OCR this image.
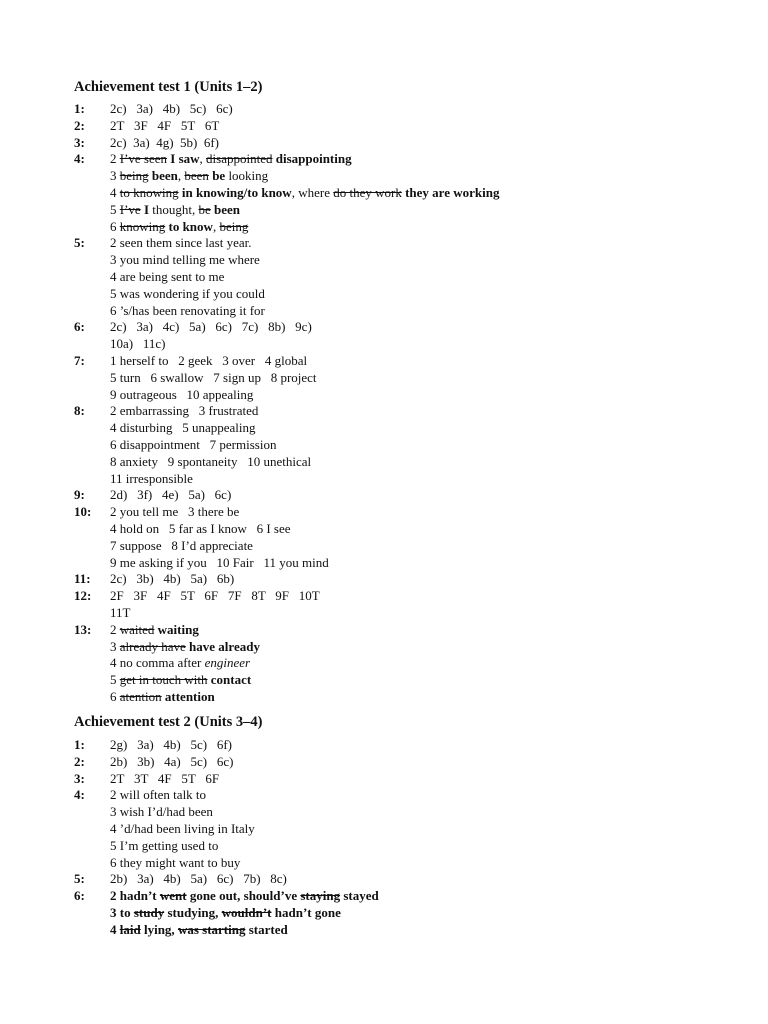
Achievement test 1 (Units 1–2)
1:	2c)   3a)   4b)   5c)   6c)
2:	2T   3F   4F   5T   6T
3:	2c)  3a)  4g)  5b)  6f)
4:	2 I’ve seen I saw, disappointed disappointing
3 being been, been be looking
4 to knowing in knowing/to know, where do they work they are working
5 I’ve I thought, be been
6 knowing to know, being
5:	2 seen them since last year.
3 you mind telling me where
4 are being sent to me
5 was wondering if you could
6 ’s/has been renovating it for
6:	2c)   3a)   4c)   5a)   6c)   7c)   8b)   9c)
10a)   11c)
7:	1 herself to   2 geek   3 over   4 global
5 turn   6 swallow   7 sign up   8 project
9 outrageous   10 appealing
8:	2 embarrassing   3 frustrated
4 disturbing   5 unappealing
6 disappointment   7 permission
8 anxiety   9 spontaneity   10 unethical
11 irresponsible
9:	2d)   3f)   4e)   5a)   6c)
10:	2 you tell me   3 there be
4 hold on   5 far as I know   6 I see
7 suppose   8 I’d appreciate
9 me asking if you   10 Fair   11 you mind
11:	2c)   3b)   4b)   5a)   6b)
12:	2F   3F   4F   5T   6F   7F   8T   9F   10T
11T
13:	2 waited waiting
3 already have have already
4 no comma after engineer
5 get in touch with contact
6 atention attention
Achievement test 2 (Units 3–4)
1:	2g)   3a)   4b)   5c)   6f)
2:	2b)   3b)   4a)   5c)   6c)
3:	2T   3T   4F   5T   6F
4:	2 will often talk to
3 wish I’d/had been
4 ’d/had been living in Italy
5 I’m getting used to
6 they might want to buy
5:	2b)   3a)   4b)   5a)   6c)   7b)   8c)
6:	2 hadn’t went gone out, should’ve staying stayed
3 to study studying, wouldn’t hadn’t gone
4 laid lying, was starting started
